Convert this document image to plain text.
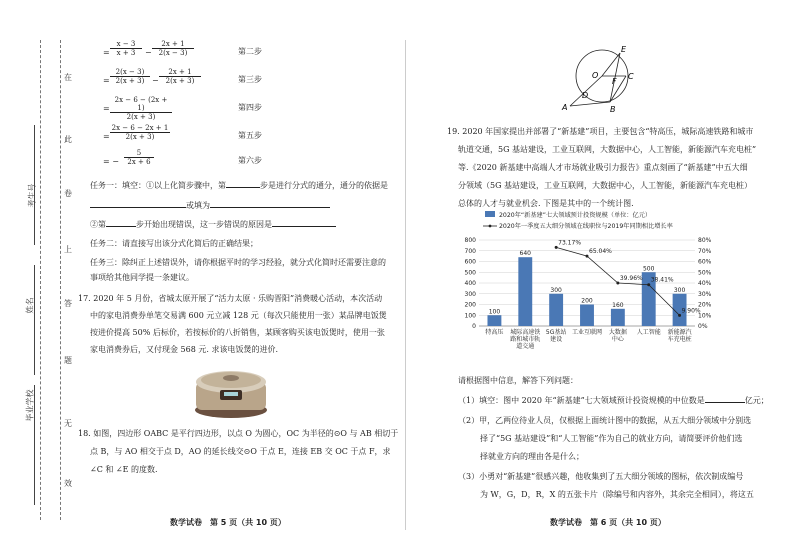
在
此
卷
上
答
题
无
效
考生号
姓名
毕业学校
= $\frac{x - 3}{x + 3} - \frac{2x + 1}{2(x - 3)}$	第二步
= $\frac{2(x - 3)}{2(x + 3)} - \frac{2x + 1}{2(x + 3)}$	第三步
= $\frac{2x - 6 - (2x + 1)}{2(x + 3)}$	第四步
= $\frac{2x - 6 - 2x + 1}{2(x + 3)}$	第五步
= − $\frac{5}{2x + 6}$	第六步
任务一：填空：①以上化简步骤中，第	步是进行分式的通分，通分的依据是
或填为
②第	步开始出现错误，这一步错误的原因是
任务二：请直接写出该分式化简后的正确结果；
任务三：除纠正上述错误外，请你根据平时的学习经验，就分式化简时还需要注意的
事项给其他同学提一条建议。
17. 2020 年 5 月份，省城太原开展了“活力太原 · 乐购晋阳”消费暖心活动，本次活动
中的家电消费券单笔交易满 600 元立减 128 元（每次只能使用一张）某品牌电饭煲
按进价提高 50% 后标价，若按标价的八折销售，某顾客购买该电饭煲时，使用一张
家电消费券后，又付现金 568 元. 求该电饭煲的进价.
18. 如图，四边形 OABC 是平行四边形，以点 O 为圆心，OC 为半径的⊙O 与 AB 相切于
点 B，与 AO 相交于点 D，AO 的延长线交⊙O 于点 E，连接 EB 交 OC 于点 F，求
∠C 和 ∠E 的度数.
数学试卷　第 5 页（共 10 页）
E
O	C
F
D
A	B
19. 2020 年国家提出并部署了“新基建”项目，主要包含“特高压，城际高速铁路和城市
轨道交通，5G 基站建设，工业互联网，大数据中心，人工智能，新能源汽车充电桩”
等.《2020 新基建中高端人才市场就业吸引力报告》重点刻画了“新基建”中五大细
分领域（5G 基站建设，工业互联网，大数据中心，人工智能，新能源汽车充电桩）
总体的人才与就业机会. 下图是其中的一个统计图.
2020年“新基建”七大领域预计投资规模（单位：亿元）
2020年一季度五大细分领域在线职位与2019年同期相比增长率
0
100
200
300
400
500
600
700
800
0%
10%
20%
30%
40%
50%
60%
70%
80%
100
特高压
640
城际高速铁
路和城市轨
道交通
300
5G基站
建设
200
工业互联网
160
大数据
中心
500
人工智能
300
新能源汽
车充电桩
73.17%
65.04%
39.96% 38.41%
9.90%
请根据图中信息，解答下列问题：
（1）填空：图中 2020 年“新基建”七大领域预计投资规模的中位数是	亿元；
（2）甲，乙两位待业人员，仅根据上面统计图中的数据，从五大细分领域中分别选
择了“5G 基站建设”和“人工智能”作为自己的就业方向，请简要评价他们选
择就业方向的理由各是什么；
（3）小勇对“新基建”很感兴趣，他收集到了五大细分领域的图标，依次制成编号
为 W，G，D，R，X 的五张卡片（除编号和内容外，其余完全相同），将这五
数学试卷　第 6 页（共 10 页）
